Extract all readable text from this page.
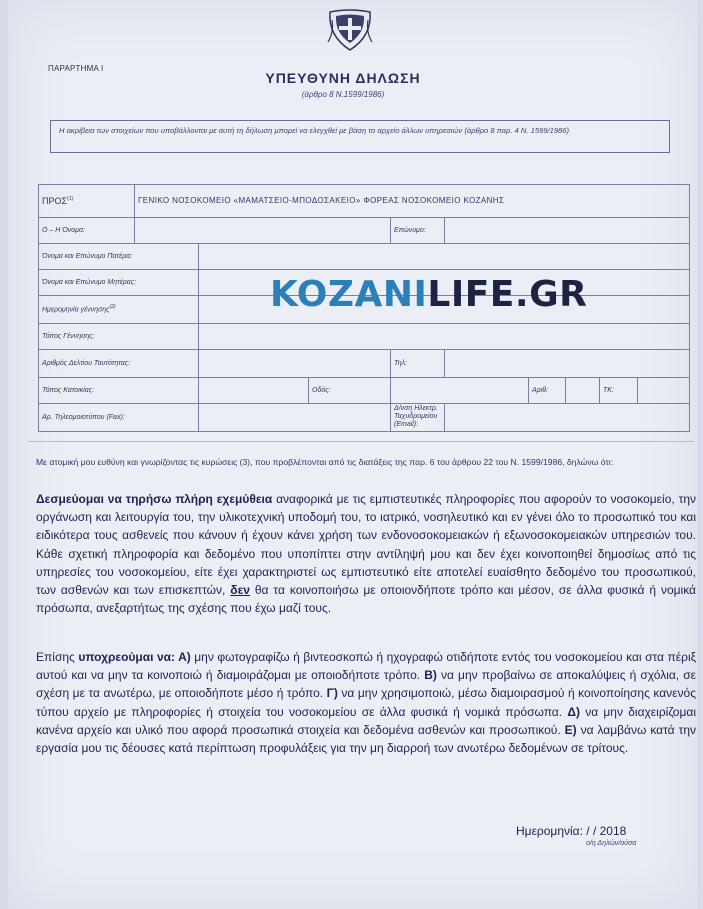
ΠΑΡΑΡΤΗΜΑ Ι
ΥΠΕΥΘΥΝΗ ΔΗΛΩΣΗ
(άρθρο 8 Ν.1599/1986)
Η ακρίβεια των στοιχείων που υποβάλλονται με αυτή τη δήλωση μπορεί να ελεγχθεί με βάση το αρχείο άλλων υπηρεσιών (άρθρο 8 παρ. 4 Ν. 1599/1986)
ΠΡΟΣ$^{(1)}$	ΓΕΝΙΚΟ ΝΟΣΟΚΟΜΕΙΟ «ΜΑΜΑΤΣΕΙΟ-ΜΠΟΔΟΣΑΚΕΙΟ» ΦΟΡΕΑΣ ΝΟΣΟΚΟΜΕΙΟ ΚΟΖΑΝΗΣ								
Ο – Η Όνομα:				Επώνυμο:					
Όνομα και Επώνυμο Πατέρα:									
Όνομα και Επώνυμο Μητέρας:									
Ημερομηνία γέννησης$^{(2)}$	
Τόπος Γέννησης:									
Αριθμός Δελτίου Ταυτότητας:				Τηλ:					
Τόπος Κατοικίας:			Οδός:			Αριθ:		ΤΚ:	
Αρ. Τηλεομοιοτύπου (Fax):				Δ/νση Ηλεκτρ. Ταχυδρομείου (Email):					
KOZANILIFE.GR
Με ατομική μου ευθύνη και γνωρίζοντας τις κυρώσεις (3), που προβλέπονται από τις διατάξεις της παρ. 6 του άρθρου 22 του Ν. 1599/1986, δηλώνω ότι:
Δεσμεύομαι να τηρήσω πλήρη εχεμύθεια αναφορικά με τις εμπιστευτικές πληροφορίες που αφορούν το νοσοκομείο, την οργάνωση και λειτουργία του, την υλικοτεχνική υποδομή του, το ιατρικό, νοσηλευτικό και εν γένει όλο το προσωπικό του και ειδικότερα τους ασθενείς που κάνουν ή έχουν κάνει χρήση των ενδονοσοκομειακών ή εξωνοσοκομειακών υπηρεσιών του. Κάθε σχετική πληροφορία και δεδομένο που υποπίπτει στην αντίληψή μου και δεν έχει κοινοποιηθεί δημοσίως από τις υπηρεσίες του νοσοκομείου, είτε έχει χαρακτηριστεί ως εμπιστευτικό είτε αποτελεί ευαίσθητο δεδομένο του προσωπικού, των ασθενών και των επισκεπτών, δεν θα τα κοινοποιήσω με οποιονδήποτε τρόπο και μέσον, σε άλλα φυσικά ή νομικά πρόσωπα, ανεξαρτήτως της σχέσης που έχω μαζί τους.
Επίσης υποχρεούμαι να: Α) μην φωτογραφίζω ή βιντεοσκοπώ ή ηχογραφώ οτιδήποτε εντός του νοσοκομείου και στα πέριξ αυτού και να μην τα κοινοποιώ ή διαμοιράζομαι με οποιοδήποτε τρόπο. Β) να μην προβαίνω σε αποκαλύψεις ή σχόλια, σε σχέση με τα ανωτέρω, με οποιοδήποτε μέσο ή τρόπο. Γ) να μην χρησιμοποιώ, μέσω διαμοιρασμού ή κοινοποίησης κανενός τύπου αρχείο με πληροφορίες ή στοιχεία του νοσοκομείου σε άλλα φυσικά ή νομικά πρόσωπα. Δ) να μην διαχειρίζομαι κανένα αρχείο και υλικό που αφορά προσωπικά στοιχεία και δεδομένα ασθενών και προσωπικού. Ε) να λαμβάνω κατά την εργασία μου τις δέουσες κατά περίπτωση προφυλάξεις για την μη διαρροή των ανωτέρω δεδομένων σε τρίτους.
Ημερομηνία: / / 2018
ο/η Δηλών/ούσα
